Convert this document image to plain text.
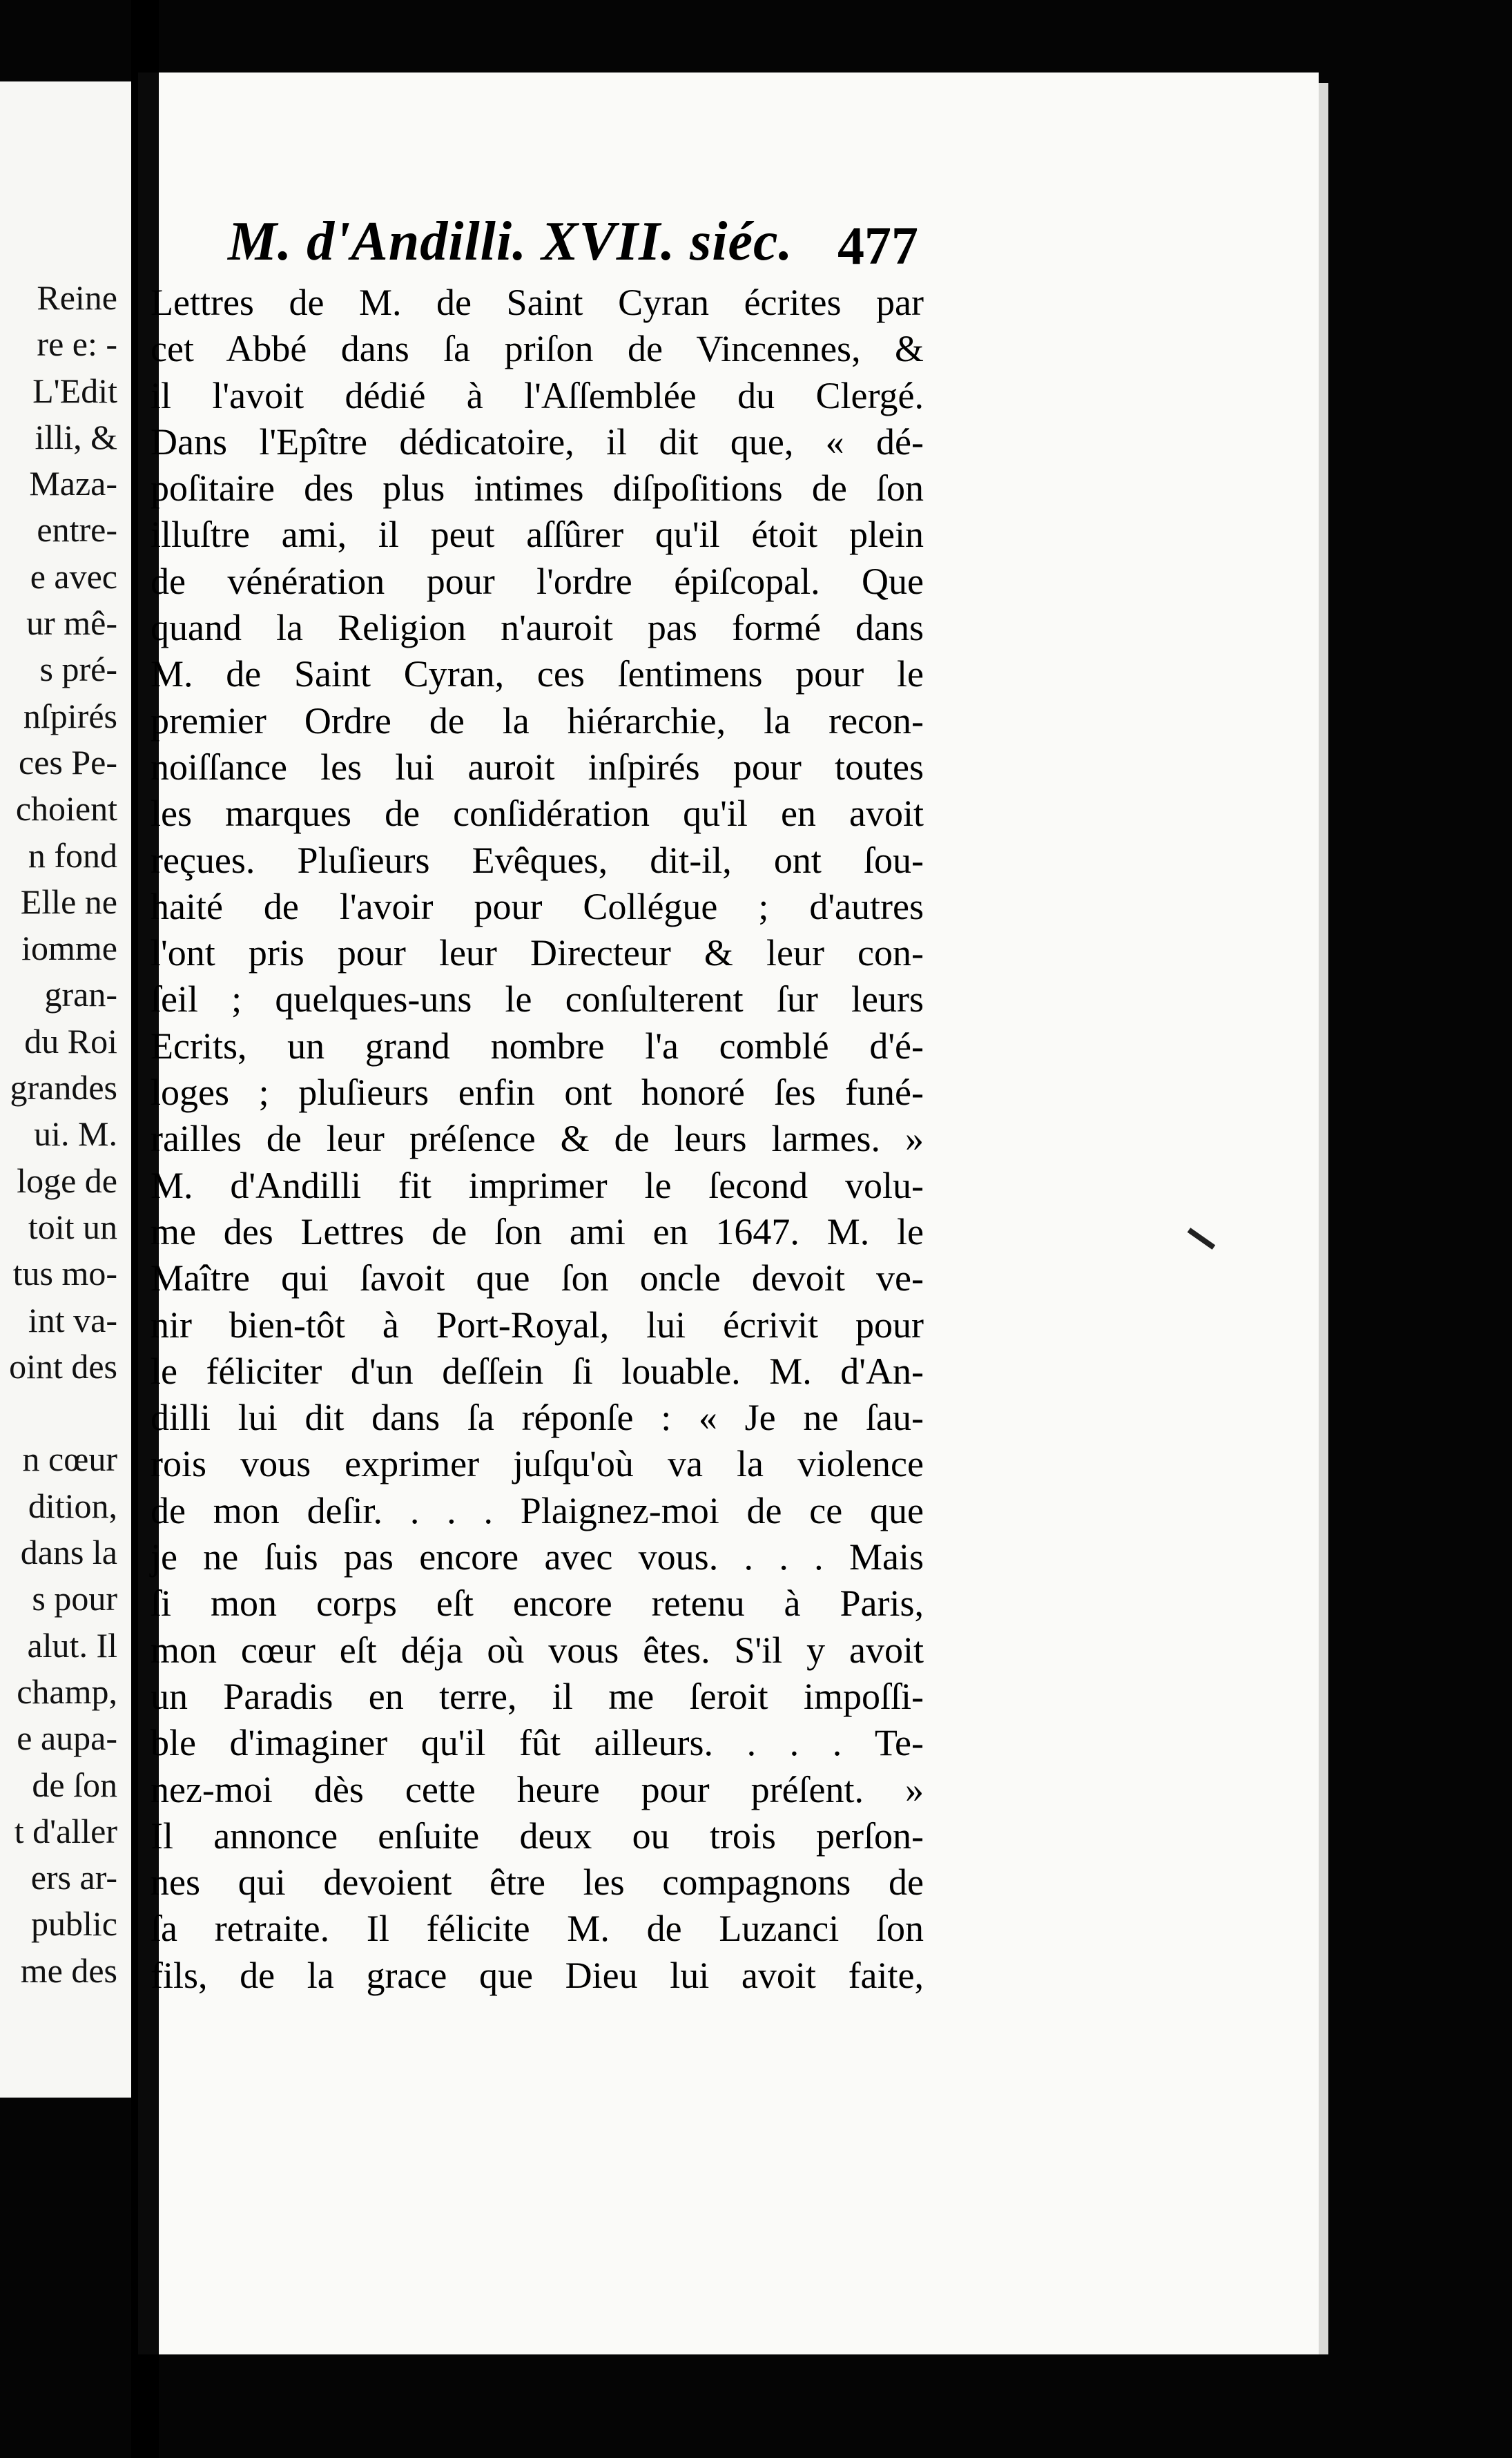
Reine
re e: -
L'Edit
illi, &
Maza-
entre-
e avec
ur mê-
s pré-
nſpirés
ces Pe-
choient
n fond
Elle ne
iomme
gran-
du Roi
grandes
ui. M.
loge de
toit un
tus mo-
int va-
oint des

n cœur
dition,
dans la
s pour
alut. Il
champ,
e aupa-
de ſon
t d'aller
ers ar-
public
me des
M. d'Andilli. XVII. siéc. 477
Lettres de M. de Saint Cyran écrites par
cet Abbé dans ſa priſon de Vincennes, &
il l'avoit dédié à l'Aſſemblée du Clergé.
Dans l'Epître dédicatoire, il dit que, « dé-
poſitaire des plus intimes diſpoſitions de ſon
illuſtre ami, il peut aſſûrer qu'il étoit plein
de vénération pour l'ordre épiſcopal. Que
quand la Religion n'auroit pas formé dans
M. de Saint Cyran, ces ſentimens pour le
premier Ordre de la hiérarchie, la recon-
noiſſance les lui auroit inſpirés pour toutes
les marques de conſidération qu'il en avoit
reçues. Pluſieurs Evêques, dit-il, ont ſou-
haité de l'avoir pour Collégue ; d'autres
l'ont pris pour leur Directeur & leur con-
ſeil ; quelques-uns le conſulterent ſur leurs
Ecrits, un grand nombre l'a comblé d'é-
loges ; pluſieurs enfin ont honoré ſes funé-
railles de leur préſence & de leurs larmes. »
M. d'Andilli fit imprimer le ſecond volu-
me des Lettres de ſon ami en 1647. M. le
Maître qui ſavoit que ſon oncle devoit ve-
nir bien-tôt à Port-Royal, lui écrivit pour
le féliciter d'un deſſein ſi louable. M. d'An-
dilli lui dit dans ſa réponſe : « Je ne ſau-
rois vous exprimer juſqu'où va la violence
de mon deſir. . . . Plaignez-moi de ce que
je ne ſuis pas encore avec vous. . . . Mais
ſi mon corps eſt encore retenu à Paris,
mon cœur eſt déja où vous êtes. S'il y avoit
un Paradis en terre, il me ſeroit impoſſi-
ble d'imaginer qu'il fût ailleurs. . . . Te-
nez-moi dès cette heure pour préſent. »
Il annonce enſuite deux ou trois perſon-
nes qui devoient être les compagnons de
ſa retraite. Il félicite M. de Luzanci ſon
fils, de la grace que Dieu lui avoit faite,
